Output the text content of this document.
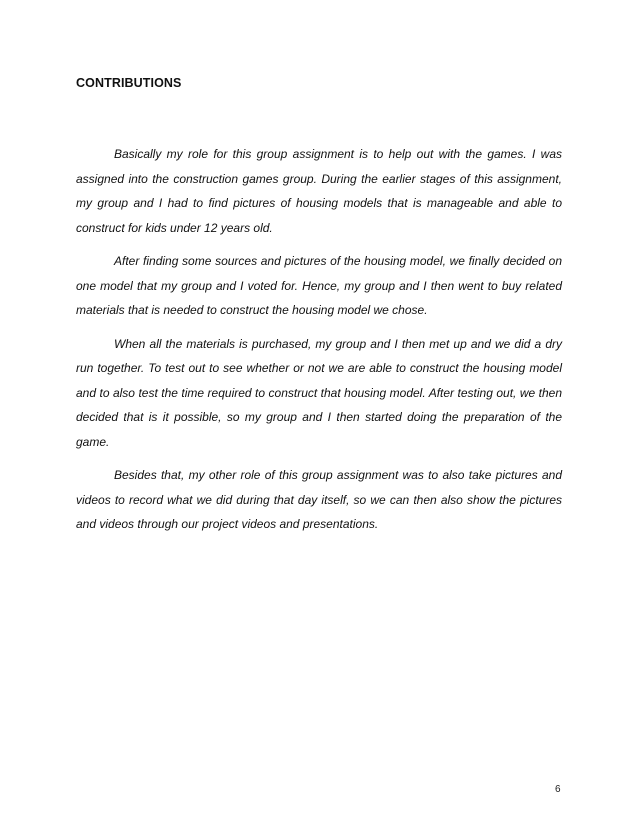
CONTRIBUTIONS

Basically my role for this group assignment is to help out with the games. I was assigned into the construction games group. During the earlier stages of this assignment, my group and I had to find pictures of housing models that is manageable and able to construct for kids under 12 years old.

After finding some sources and pictures of the housing model, we finally decided on one model that my group and I voted for. Hence, my group and I then went to buy related materials that is needed to construct the housing model we chose.

When all the materials is purchased, my group and I then met up and we did a dry run together. To test out to see whether or not we are able to construct the housing model and to also test the time required to construct that housing model. After testing out, we then decided that is it possible, so my group and I then started doing the preparation of the game.

Besides that, my other role of this group assignment was to also take pictures and videos to record what we did during that day itself, so we can then also show the pictures and videos through our project videos and presentations.

6
